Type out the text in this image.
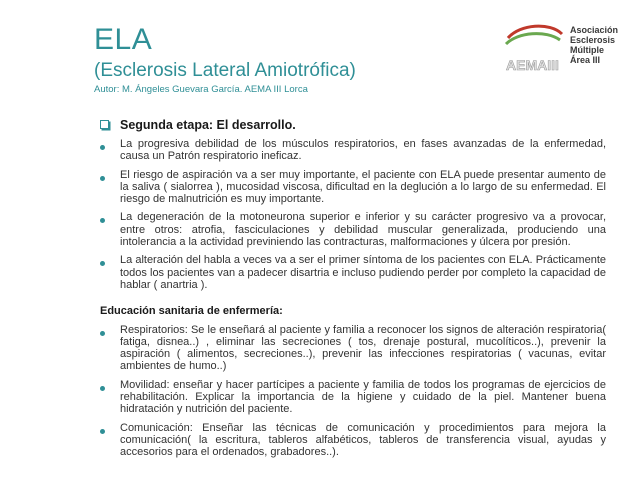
ELA
(Esclerosis Lateral Amiotrófica)
Autor: M. Ángeles Guevara García. AEMA III Lorca
AEMAIII
Asociación
Esclerosis
Múltiple
Área III
Segunda etapa: El desarrollo.
La progresiva debilidad de los músculos respiratorios, en fases avanzadas de la enfermedad, causa un Patrón respiratorio ineficaz.
El riesgo de aspiración va a ser muy importante, el paciente con ELA puede presentar aumento de la saliva ( sialorrea ), mucosidad viscosa, dificultad en la deglución a lo largo de su enfermedad. El riesgo de malnutrición es muy importante.
La degeneración de la motoneurona superior e inferior y su carácter progresivo va a provocar, entre otros: atrofia, fasciculaciones y debilidad muscular generalizada, produciendo una intolerancia a la actividad previniendo las contracturas, malformaciones y úlcera por presión.
La alteración del habla a veces va a ser el primer síntoma de los pacientes con ELA. Prácticamente todos los pacientes van a padecer disartria e incluso pudiendo perder por completo la capacidad de hablar ( anartria ).
Educación sanitaria de enfermería:
Respiratorios: Se le enseñará al paciente y familia a reconocer los signos de alteración respiratoria( fatiga, disnea..) , eliminar las secreciones ( tos, drenaje postural, mucolíticos..), prevenir la aspiración ( alimentos, secreciones..), prevenir las infecciones respiratorias ( vacunas, evitar ambientes de humo..)
Movilidad: enseñar y hacer partícipes a paciente y familia de todos los programas de ejercicios de rehabilitación. Explicar la importancia de la higiene y cuidado de la piel. Mantener buena hidratación y nutrición del paciente.
Comunicación: Enseñar las técnicas de comunicación y procedimientos para mejora la comunicación( la escritura, tableros alfabéticos, tableros de transferencia visual, ayudas y accesorios para el ordenados, grabadores..).
